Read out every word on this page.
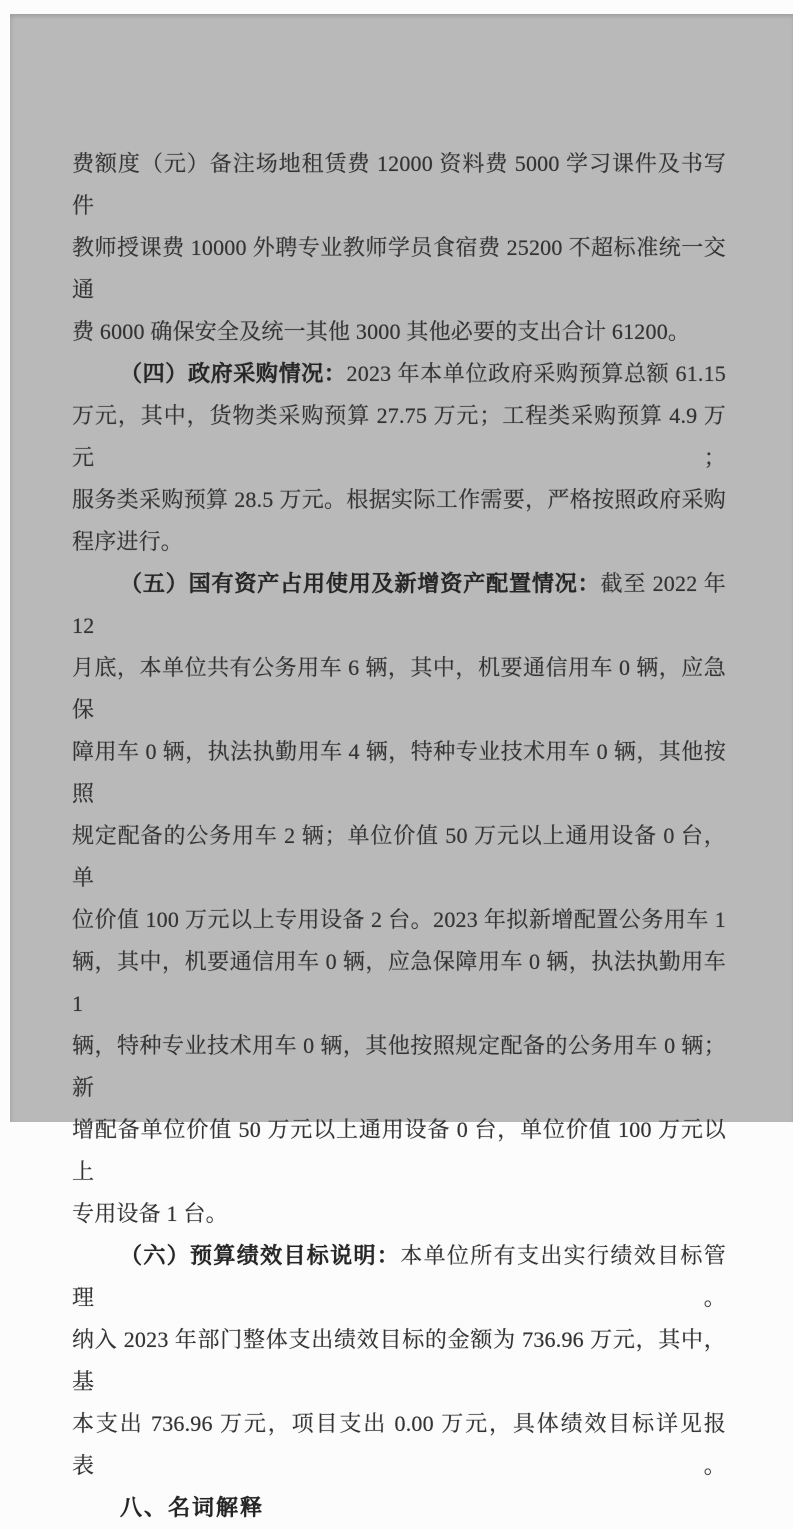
费额度（元）备注场地租赁费 12000 资料费 5000 学习课件及书写件
教师授课费 10000 外聘专业教师学员食宿费 25200 不超标准统一交通
费 6000 确保安全及统一其他 3000 其他必要的支出合计 61200。
（四）政府采购情况：2023 年本单位政府采购预算总额 61.15
万元，其中，货物类采购预算 27.75 万元；工程类采购预算 4.9 万元；
服务类采购预算 28.5 万元。根据实际工作需要，严格按照政府采购
程序进行。
（五）国有资产占用使用及新增资产配置情况：截至 2022 年 12
月底，本单位共有公务用车 6 辆，其中，机要通信用车 0 辆，应急保
障用车 0 辆，执法执勤用车 4 辆，特种专业技术用车 0 辆，其他按照
规定配备的公务用车 2 辆；单位价值 50 万元以上通用设备 0 台，单
位价值 100 万元以上专用设备 2 台。2023 年拟新增配置公务用车 1
辆，其中，机要通信用车 0 辆，应急保障用车 0 辆，执法执勤用车 1
辆，特种专业技术用车 0 辆，其他按照规定配备的公务用车 0 辆；新
增配备单位价值 50 万元以上通用设备 0 台，单位价值 100 万元以上
专用设备 1 台。
（六）预算绩效目标说明：本单位所有支出实行绩效目标管理。
纳入 2023 年部门整体支出绩效目标的金额为 736.96 万元，其中，基
本支出 736.96 万元，项目支出 0.00 万元，具体绩效目标详见报表。
八、名词解释
